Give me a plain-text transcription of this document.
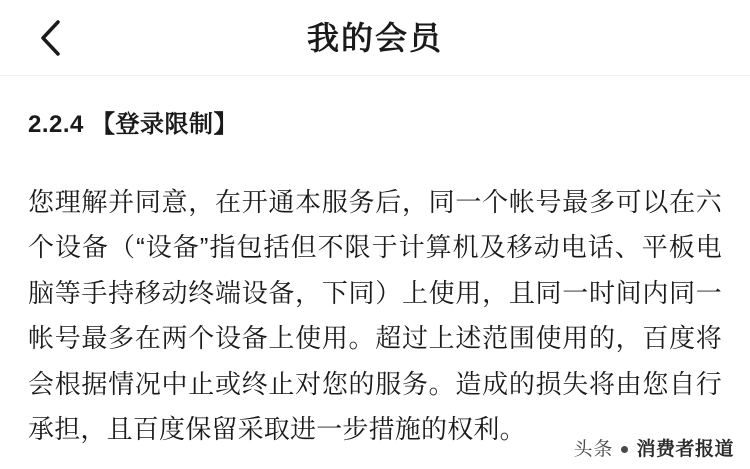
我的会员
2.2.4 【登录限制】

您理解并同意，在开通本服务后，同一个帐号最多可以在六个设备（“设备”指包括但不限于计算机及移动电话、平板电脑等手持移动终端设备，下同）上使用，且同一时间内同一帐号最多在两个设备上使用。超过上述范围使用的，百度将会根据情况中止或终止对您的服务。造成的损失将由您自行承担，且百度保留采取进一步措施的权利。

头条 消费者报道
